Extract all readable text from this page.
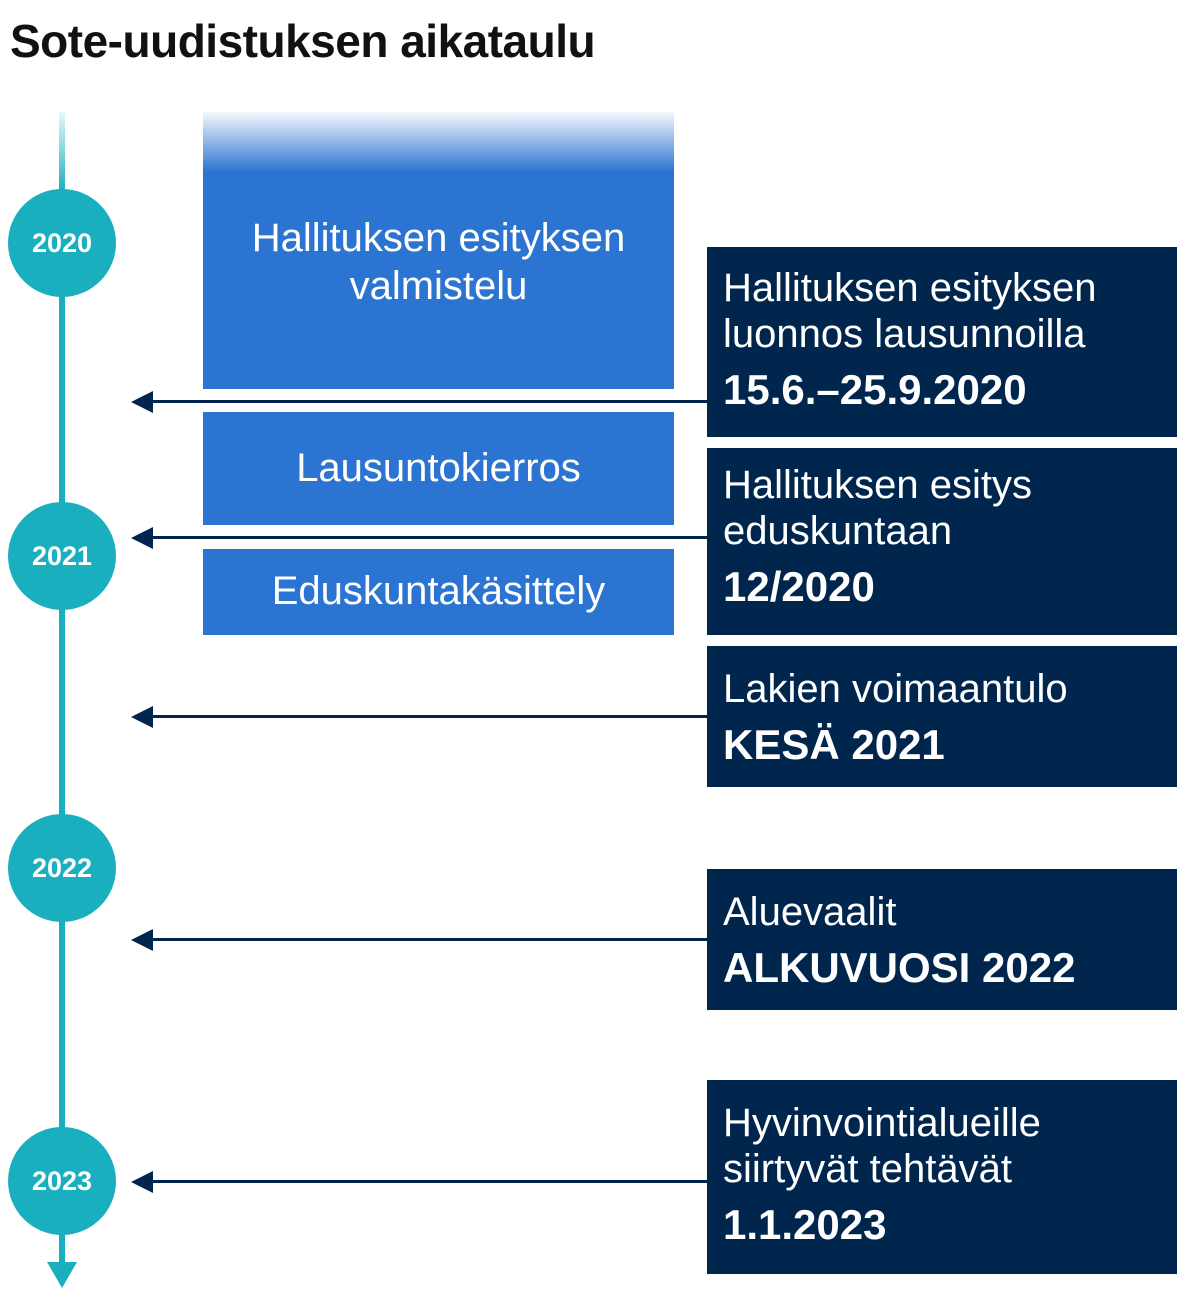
Sote-uudistuksen aikataulu
2020
2021
2022
2023
Hallituksen esityksen valmistelu
Lausuntokierros
Eduskuntakäsittely
Hallituksen esityksen
luonnos lausunnoilla
15.6.–25.9.2020
Hallituksen esitys
eduskuntaan
12/2020
Lakien voimaantulo
KESÄ 2021
Aluevaalit
ALKUVUOSI 2022
Hyvinvointialueille
siirtyvät tehtävät
1.1.2023
